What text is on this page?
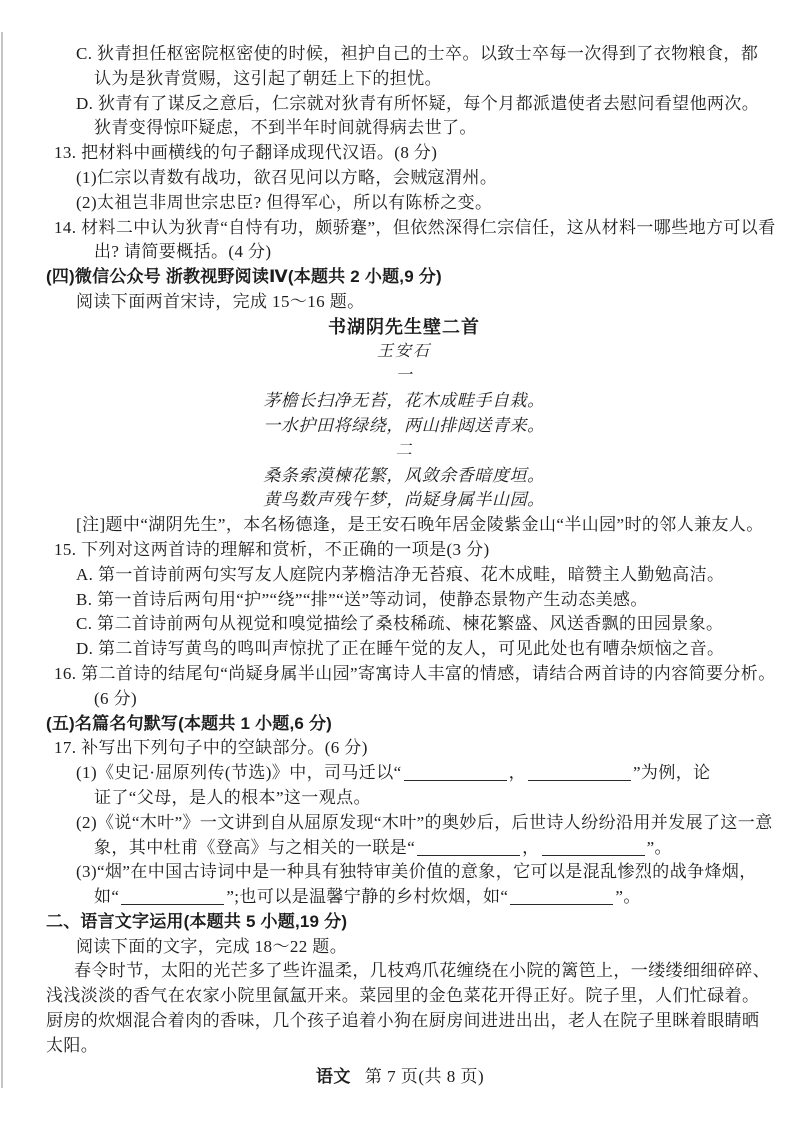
C. 狄青担任枢密院枢密使的时候，袒护自己的士卒。以致士卒每一次得到了衣物粮食，都
认为是狄青赏赐，这引起了朝廷上下的担忧。
D. 狄青有了谋反之意后，仁宗就对狄青有所怀疑，每个月都派遣使者去慰问看望他两次。
狄青变得惊吓疑虑，不到半年时间就得病去世了。
13. 把材料中画横线的句子翻译成现代汉语。(8 分)
(1)仁宗以青数有战功，欲召见问以方略，会贼寇渭州。
(2)太祖岂非周世宗忠臣? 但得军心，所以有陈桥之变。
14. 材料二中认为狄青“自恃有功，颇骄蹇”，但依然深得仁宗信任，这从材料一哪些地方可以看
出? 请简要概括。(4 分)
(四)微信公众号 浙教视野阅读Ⅳ(本题共 2 小题,9 分)
阅读下面两首宋诗，完成 15～16 题。
书湖阴先生壁二首
王安石
一
茅檐长扫净无苔，花木成畦手自栽。
一水护田将绿绕，两山排闼送青来。
二
桑条索漠楝花繁，风敛余香暗度垣。
黄鸟数声残午梦，尚疑身属半山园。
[注]题中“湖阴先生”，本名杨德逢，是王安石晚年居金陵紫金山“半山园”时的邻人兼友人。
15. 下列对这两首诗的理解和赏析，不正确的一项是(3 分)
A. 第一首诗前两句实写友人庭院内茅檐洁净无苔痕、花木成畦，暗赞主人勤勉高洁。
B. 第一首诗后两句用“护”“绕”“排”“送”等动词，使静态景物产生动态美感。
C. 第二首诗前两句从视觉和嗅觉描绘了桑枝稀疏、楝花繁盛、风送香飘的田园景象。
D. 第二首诗写黄鸟的鸣叫声惊扰了正在睡午觉的友人，可见此处也有嘈杂烦恼之音。
16. 第二首诗的结尾句“尚疑身属半山园”寄寓诗人丰富的情感，请结合两首诗的内容简要分析。
(6 分)
(五)名篇名句默写(本题共 1 小题,6 分)
17. 补写出下列句子中的空缺部分。(6 分)
(1)《史记·屈原列传(节选)》中，司马迁以“	，	”为例，论
证了“父母，是人的根本”这一观点。
(2)《说“木叶”》一文讲到自从屈原发现“木叶”的奥妙后，后世诗人纷纷沿用并发展了这一意
象，其中杜甫《登高》与之相关的一联是“	，	”。
(3)“烟”在中国古诗词中是一种具有独特审美价值的意象，它可以是混乱惨烈的战争烽烟，
如“	”;也可以是温馨宁静的乡村炊烟，如“	”。
二、语言文字运用(本题共 5 小题,19 分)
阅读下面的文字，完成 18～22 题。
春令时节，太阳的光芒多了些许温柔，几枝鸡爪花缠绕在小院的篱笆上，一缕缕细细碎碎、
浅浅淡淡的香气在农家小院里氤氲开来。菜园里的金色菜花开得正好。院子里，人们忙碌着。
厨房的炊烟混合着肉的香味，几个孩子追着小狗在厨房间进进出出，老人在院子里眯着眼睛晒
太阳。
语文 第 7 页(共 8 页)
